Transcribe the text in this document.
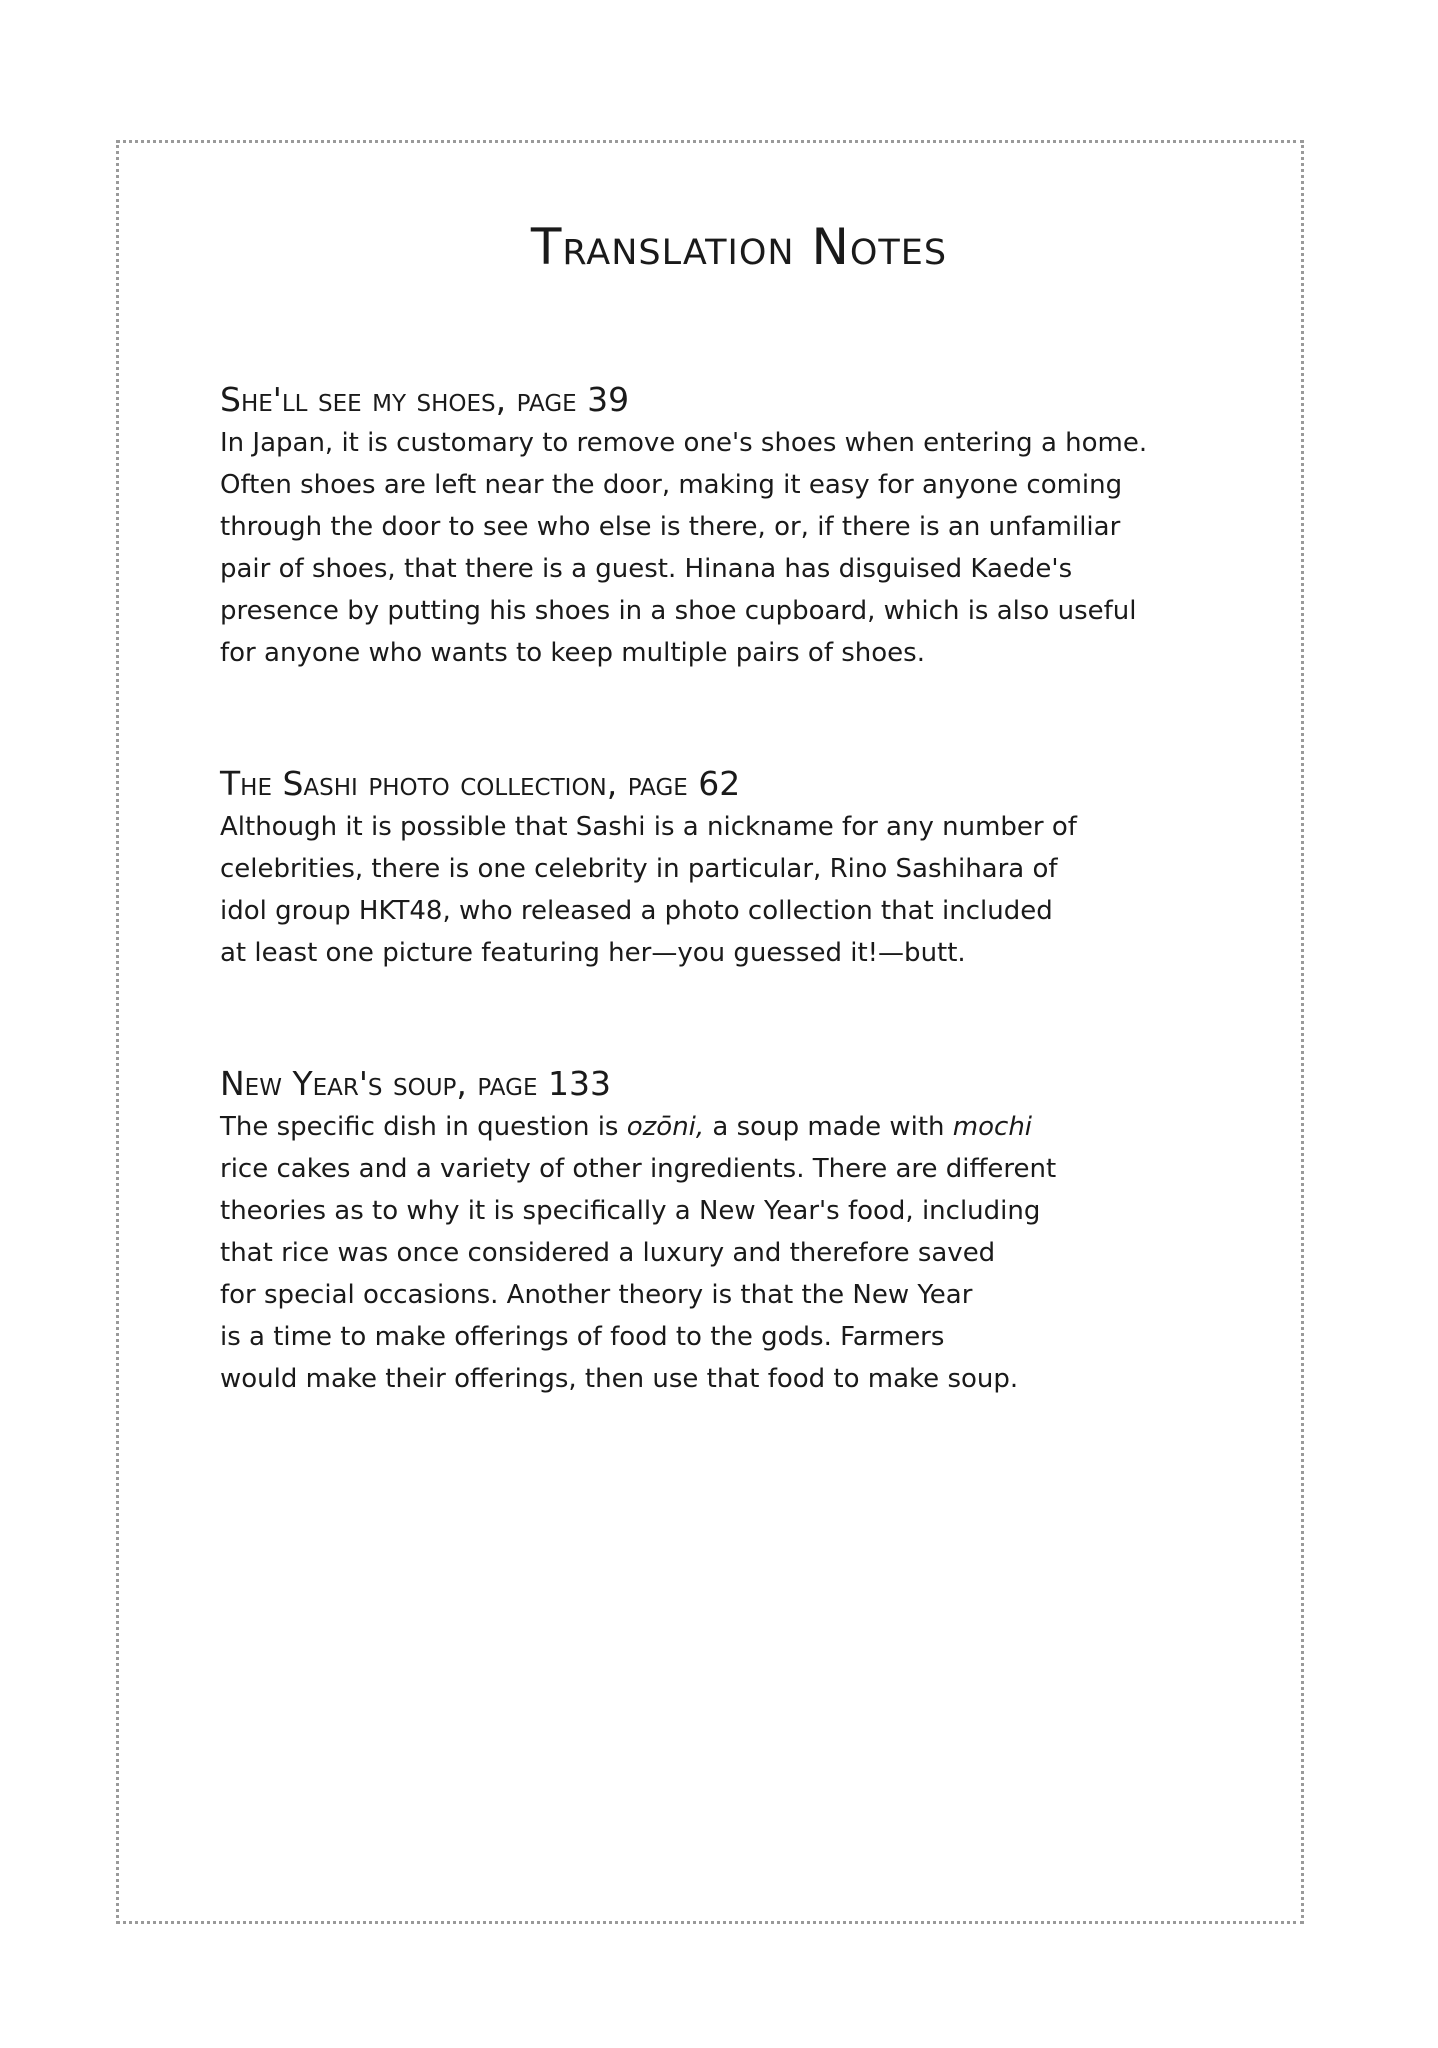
Translation Notes
She'll see my shoes, page 39
In Japan, it is customary to remove one's shoes when entering a home.
Often shoes are left near the door, making it easy for anyone coming
through the door to see who else is there, or, if there is an unfamiliar
pair of shoes, that there is a guest. Hinana has disguised Kaede's
presence by putting his shoes in a shoe cupboard, which is also useful
for anyone who wants to keep multiple pairs of shoes.
The Sashi photo collection, page 62
Although it is possible that Sashi is a nickname for any number of
celebrities, there is one celebrity in particular, Rino Sashihara of
idol group HKT48, who released a photo collection that included
at least one picture featuring her—you guessed it!—butt.
New Year's soup, page 133
The specific dish in question is ozōni, a soup made with mochi
rice cakes and a variety of other ingredients. There are different
theories as to why it is specifically a New Year's food, including
that rice was once considered a luxury and therefore saved
for special occasions. Another theory is that the New Year
is a time to make offerings of food to the gods. Farmers
would make their offerings, then use that food to make soup.
